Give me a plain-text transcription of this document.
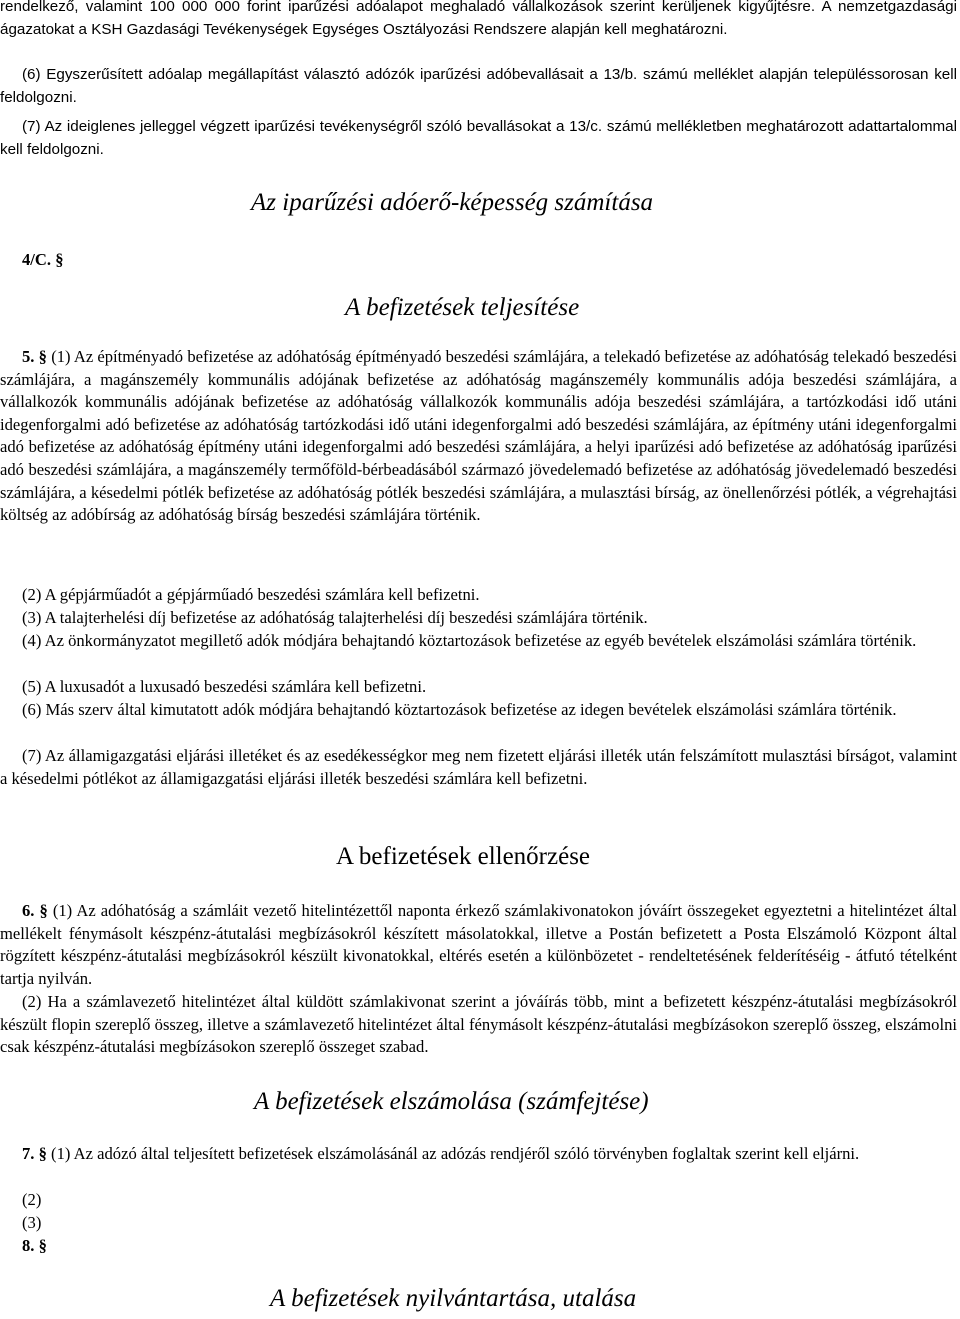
rendelkező, valamint 100 000 000 forint iparűzési adóalapot meghaladó vállalkozások szerint kerüljenek kigyűjtésre. A nemzetgazdasági ágazatokat a KSH Gazdasági Tevékenységek Egységes Osztályozási Rendszere alapján kell meghatározni.

(6) Egyszerűsített adóalap megállapítást választó adózók iparűzési adóbevallásait a 13/b. számú melléklet alapján településsorosan kell feldolgozni.

(7) Az ideiglenes jelleggel végzett iparűzési tevékenységről szóló bevallásokat a 13/c. számú mellékletben meghatározott adattartalommal kell feldolgozni.

Az iparűzési adóerő-képesség számítása
4/C. §
A befizetések teljesítése

5. § (1) Az építményadó befizetése az adóhatóság építményadó beszedési számlájára, a telekadó befizetése az adóhatóság telekadó beszedési számlájára, a magánszemély kommunális adójának befizetése az adóhatóság magánszemély kommunális adója beszedési számlájára, a vállalkozók kommunális adójának befizetése az adóhatóság vállalkozók kommunális adója beszedési számlájára, a tartózkodási idő utáni idegenforgalmi adó befizetése az adóhatóság tartózkodási idő utáni idegenforgalmi adó beszedési számlájára, az építmény utáni idegenforgalmi adó befizetése az adóhatóság építmény utáni idegenforgalmi adó beszedési számlájára, a helyi iparűzési adó befizetése az adóhatóság iparűzési adó beszedési számlájára, a magánszemély termőföld-bérbeadásából származó jövedelemadó befizetése az adóhatóság jövedelemadó beszedési számlájára, a késedelmi pótlék befizetése az adóhatóság pótlék beszedési számlájára, a mulasztási bírság, az önellenőrzési pótlék, a végrehajtási költség az adóbírság az adóhatóság bírság beszedési számlájára történik.

(2) A gépjárműadót a gépjárműadó beszedési számlára kell befizetni.

(3) A talajterhelési díj befizetése az adóhatóság talajterhelési díj beszedési számlájára történik.

(4) Az önkormányzatot megillető adók módjára behajtandó köztartozások befizetése az egyéb bevételek elszámolási számlára történik.

(5) A luxusadót a luxusadó beszedési számlára kell befizetni.

(6) Más szerv által kimutatott adók módjára behajtandó köztartozások befizetése az idegen bevételek elszámolási számlára történik.

(7) Az államigazgatási eljárási illetéket és az esedékességkor meg nem fizetett eljárási illeték után felszámított mulasztási bírságot, valamint a késedelmi pótlékot az államigazgatási eljárási illeték beszedési számlára kell befizetni.

A befizetések ellenőrzése

6. § (1) Az adóhatóság a számláit vezető hitelintézettől naponta érkező számlakivonatokon jóváírt összegeket egyeztetni a hitelintézet által mellékelt fénymásolt készpénz-átutalási megbízásokról készített másolatokkal, illetve a Postán befizetett a Posta Elszámoló Központ által rögzített készpénz-átutalási megbízásokról készült kivonatokkal, eltérés esetén a különbözetet - rendeltetésének felderítéséig - átfutó tételként tartja nyilván.

(2) Ha a számlavezető hitelintézet által küldött számlakivonat szerint a jóváírás több, mint a befizetett készpénz-átutalási megbízásokról készült flopin szereplő összeg, illetve a számlavezető hitelintézet által fénymásolt készpénz-átutalási megbízásokon szereplő összeg, elszámolni csak készpénz-átutalási megbízásokon szereplő összeget szabad.

A befizetések elszámolása (számfejtése)

7. § (1) Az adózó által teljesített befizetések elszámolásánál az adózás rendjéről szóló törvényben foglaltak szerint kell eljárni.

(2)

(3)

8. §

A befizetések nyilvántartása, utalása
